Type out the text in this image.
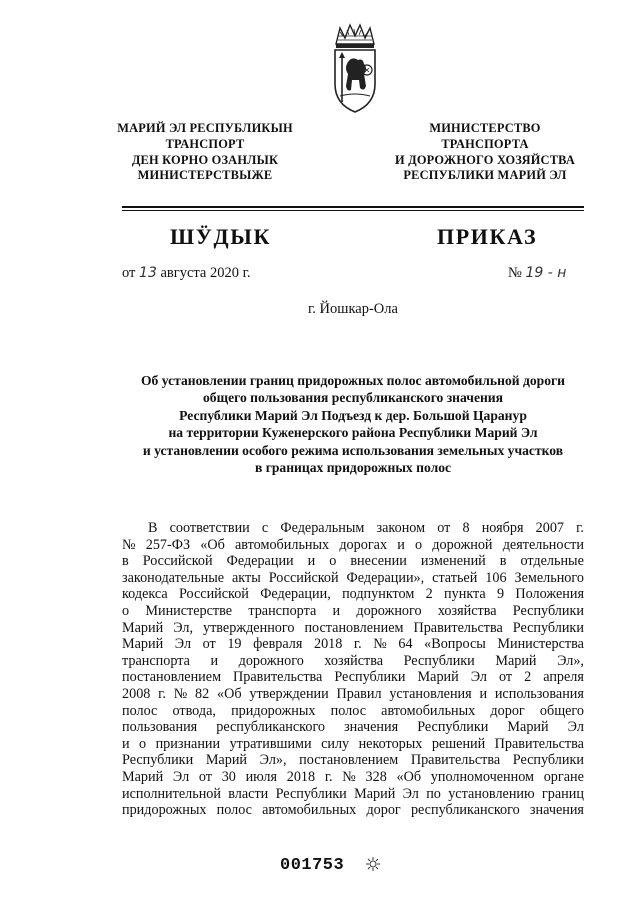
МАРИЙ ЭЛ РЕСПУБЛИКЫН
ТРАНСПОРТ
ДЕН КОРНО ОЗАНЛЫК
МИНИСТЕРСТВЫЖЕ
МИНИСТЕРСТВО
ТРАНСПОРТА
И ДОРОЖНОГО ХОЗЯЙСТВА
РЕСПУБЛИКИ МАРИЙ ЭЛ
ШӰДЫК	ПРИКАЗ
от 13 августа 2020 г.	№ 19 - н
г. Йошкар-Ола
Об установлении границ придорожных полос автомобильной дороги
общего пользования республиканского значения
Республики Марий Эл Подъезд к дер. Большой Царанур
на территории Куженерского района Республики Марий Эл
и установлении особого режима использования земельных участков
в границах придорожных полос
В соответствии с Федеральным законом от 8 ноября 2007 г.
№ 257-ФЗ «Об автомобильных дорогах и о дорожной деятельности
в Российской Федерации и о внесении изменений в отдельные
законодательные акты Российской Федерации», статьей 106 Земельного
кодекса Российской Федерации, подпунктом 2 пункта 9 Положения
о Министерстве транспорта и дорожного хозяйства Республики
Марий Эл, утвержденного постановлением Правительства Республики
Марий Эл от 19 февраля 2018 г. № 64 «Вопросы Министерства
транспорта и дорожного хозяйства Республики Марий Эл»,
постановлением Правительства Республики Марий Эл от 2 апреля
2008 г. № 82 «Об утверждении Правил установления и использования
полос отвода, придорожных полос автомобильных дорог общего
пользования республиканского значения Республики Марий Эл
и о признании утратившими силу некоторых решений Правительства
Республики Марий Эл», постановлением Правительства Республики
Марий Эл от 30 июля 2018 г. № 328 «Об уполномоченном органе
исполнительной власти Республики Марий Эл по установлению границ
придорожных полос автомобильных дорог республиканского значения
001753
